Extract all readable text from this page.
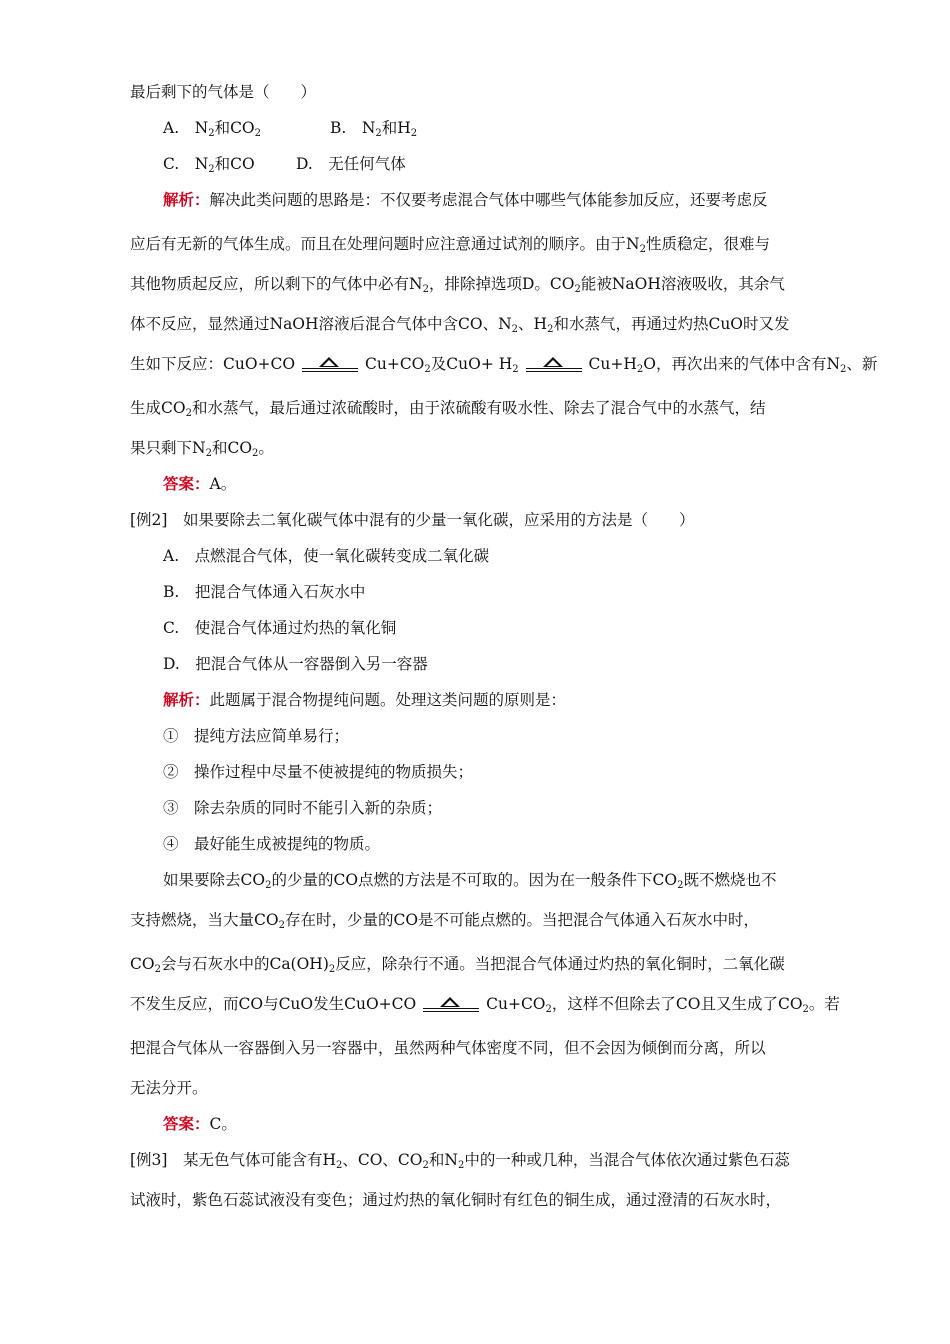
最后剩下的气体是（　　）
A.　$N_2$和$CO_2$	B.　$N_2$和$H_2$
C.　$N_2$和CO	D.　无任何气体
解析：解决此类问题的思路是：不仅要考虑混合气体中哪些气体能参加反应，还要考虑反
应后有无新的气体生成。而且在处理问题时应注意通过试剂的顺序。由于$N_2$性质稳定，很难与
其他物质起反应，所以剩下的气体中必有$N_2$，排除掉选项D。$CO_2$能被NaOH溶液吸收，其余气
体不反应，显然通过NaOH溶液后混合气体中含CO、$N_2$、$H_2$和水蒸气，再通过灼热CuO时又发
生如下反应：CuO+CO	$Cu+CO_2$及$CuO+ H_2$	$Cu+H_2O$，再次出来的气体中含有$N_2$、新
生成$CO_2$和水蒸气，最后通过浓硫酸时，由于浓硫酸有吸水性、除去了混合气中的水蒸气，结
果只剩下$N_2$和$CO_2$。
答案：A。
[例2]　如果要除去二氧化碳气体中混有的少量一氧化碳，应采用的方法是（　　）
A.　点燃混合气体，使一氧化碳转变成二氧化碳
B.　把混合气体通入石灰水中
C.　使混合气体通过灼热的氧化铜
D.　把混合气体从一容器倒入另一容器
解析：此题属于混合物提纯问题。处理这类问题的原则是：
①　提纯方法应简单易行；
②　操作过程中尽量不使被提纯的物质损失；
③　除去杂质的同时不能引入新的杂质；
④　最好能生成被提纯的物质。
如果要除去$CO_2$的少量的CO点燃的方法是不可取的。因为在一般条件下$CO_2$既不燃烧也不
支持燃烧，当大量$CO_2$存在时，少量的CO是不可能点燃的。当把混合气体通入石灰水中时，
$CO_2$会与石灰水中的$Ca(OH)_2$反应，除杂行不通。当把混合气体通过灼热的氧化铜时，二氧化碳
不发生反应，而CO与CuO发生CuO+CO	$Cu+CO_2$，这样不但除去了CO且又生成了$CO_2$。若
把混合气体从一容器倒入另一容器中，虽然两种气体密度不同，但不会因为倾倒而分离，所以
无法分开。
答案：C。
[例3]　某无色气体可能含有$H_2$、CO、$CO_2$和$N_2$中的一种或几种，当混合气体依次通过紫色石蕊
试液时，紫色石蕊试液没有变色；通过灼热的氧化铜时有红色的铜生成，通过澄清的石灰水时，
